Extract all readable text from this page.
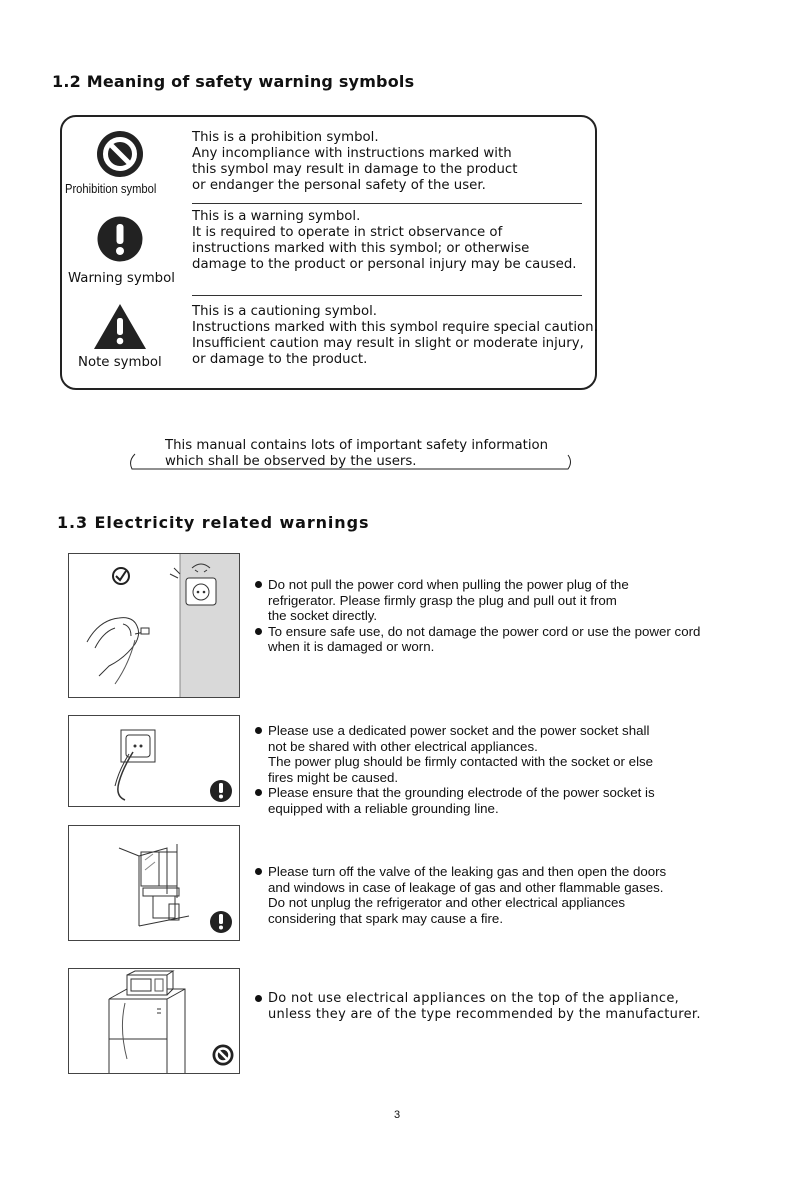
1.2 Meaning of safety warning symbols
Prohibition symbol
This is a prohibition symbol.
Any incompliance with instructions marked with
this symbol may result in damage to the product
or endanger the personal safety of the user.
Warning symbol
This is a warning symbol.
It is required to operate in strict observance of
instructions marked with this symbol; or otherwise
damage to the product or personal injury may be caused.
Note symbol
This is a cautioning symbol.
Instructions marked with this symbol require special caution.
Insufficient caution may result in slight or moderate injury,
or damage to the product.
This manual contains lots of important safety information
which shall be observed by the users.
1.3 Electricity related warnings
Do not pull the power cord when pulling the power plug of the
refrigerator. Please firmly grasp the plug and pull out it from
the socket directly.
To ensure safe use, do not damage the power cord or use the power cord
when it is damaged or worn.
Please use a dedicated power socket and the power socket shall
not be shared with other electrical appliances.
The power plug should be firmly contacted with the socket or else
fires might be caused.
Please ensure that the grounding electrode of the power socket is
equipped with a reliable grounding line.
Please turn off the valve of the leaking gas and then open the doors
and windows in case of leakage of gas and other flammable gases.
Do not unplug the refrigerator and other electrical appliances
considering that spark may cause a fire.
Do not use electrical appliances on the top of the appliance,
unless they are of the type recommended by the manufacturer.
3
